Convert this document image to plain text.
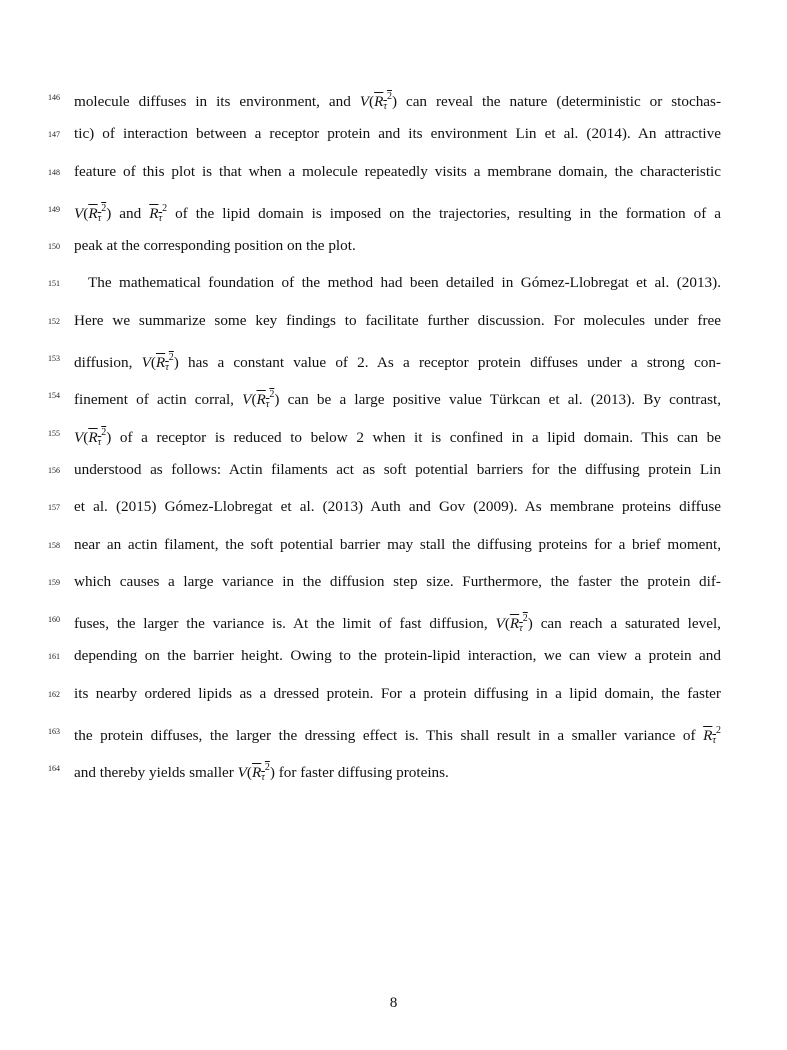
146 molecule diffuses in its environment, and $V(R_\tau^2)$ can reveal the nature (deterministic or stochas-
147 tic) of interaction between a receptor protein and its environment Lin et al. (2014). An attractive
148 feature of this plot is that when a molecule repeatedly visits a membrane domain, the characteristic
149 $V(R_\tau^2)$ and $R_\tau^2$ of the lipid domain is imposed on the trajectories, resulting in the formation of a
150 peak at the corresponding position on the plot.
151	The mathematical foundation of the method had been detailed in Gómez-Llobregat et al. (2013).
152 Here we summarize some key findings to facilitate further discussion. For molecules under free
153 diffusion, $V(R_\tau^2)$ has a constant value of 2. As a receptor protein diffuses under a strong con-
154 finement of actin corral, $V(R_\tau^2)$ can be a large positive value Türkcan et al. (2013). By contrast,
155 $V(R_\tau^2)$ of a receptor is reduced to below 2 when it is confined in a lipid domain. This can be
156 understood as follows: Actin filaments act as soft potential barriers for the diffusing protein Lin
157 et al. (2015) Gómez-Llobregat et al. (2013) Auth and Gov (2009). As membrane proteins diffuse
158 near an actin filament, the soft potential barrier may stall the diffusing proteins for a brief moment,
159 which causes a large variance in the diffusion step size. Furthermore, the faster the protein dif-
160 fuses, the larger the variance is. At the limit of fast diffusion, $V(R_\tau^2)$ can reach a saturated level,
161 depending on the barrier height. Owing to the protein-lipid interaction, we can view a protein and
162 its nearby ordered lipids as a dressed protein. For a protein diffusing in a lipid domain, the faster
163 the protein diffuses, the larger the dressing effect is. This shall result in a smaller variance of $R_\tau^2$
164 and thereby yields smaller $V(R_\tau^2)$ for faster diffusing proteins.
8
